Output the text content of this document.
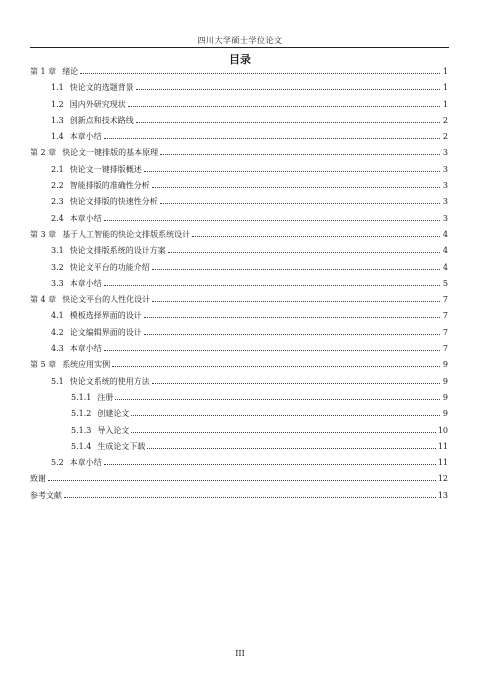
四川大学硕士学位论文
目录
第 1 章 绪论	1
1.1 快论文的选题背景	1
1.2 国内外研究现状	1
1.3 创新点和技术路线	2
1.4 本章小结	2
第 2 章 快论文一键排版的基本原理	3
2.1 快论文一键排版概述	3
2.2 智能排版的准确性分析	3
2.3 快论文排版的快速性分析	3
2.4 本章小结	3
第 3 章 基于人工智能的快论文排版系统设计	4
3.1 快论文排版系统的设计方案	4
3.2 快论文平台的功能介绍	4
3.3 本章小结	5
第 4 章 快论文平台的人性化设计	7
4.1 模板选择界面的设计	7
4.2 论文编辑界面的设计	7
4.3 本章小结	7
第 5 章 系统应用实例	9
5.1 快论文系统的使用方法	9
5.1.1 注册	9
5.1.2 创建论文	9
5.1.3 导入论文	10
5.1.4 生成论文下载	11
5.2 本章小结	11
致谢	12
参考文献	13
III
